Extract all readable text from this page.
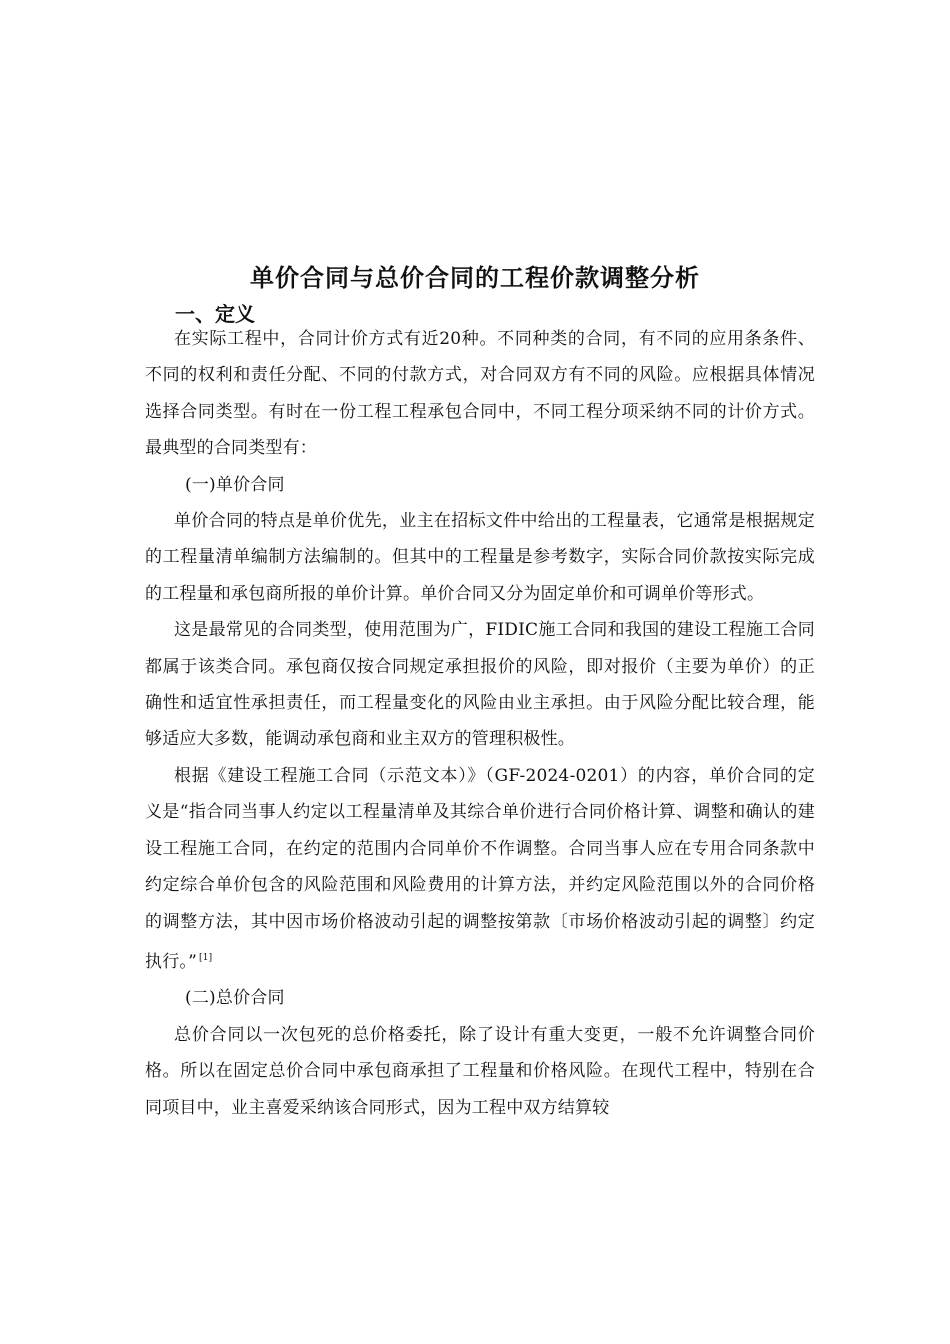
单价合同与总价合同的工程价款调整分析
一、定义

在实际工程中，合同计价方式有近20种。不同种类的合同，有不同的应用条条件、不同的权利和责任分配、不同的付款方式，对合同双方有不同的风险。应根据具体情况选择合同类型。有时在一份工程工程承包合同中，不同工程分项采纳不同的计价方式。最典型的合同类型有：

(一)单价合同

单价合同的特点是单价优先，业主在招标文件中给出的工程量表，它通常是根据规定的工程量清单编制方法编制的。但其中的工程量是参考数字，实际合同价款按实际完成的工程量和承包商所报的单价计算。单价合同又分为固定单价和可调单价等形式。

这是最常见的合同类型，使用范围为广，FIDIC施工合同和我国的建设工程施工合同都属于该类合同。承包商仅按合同规定承担报价的风险，即对报价（主要为单价）的正确性和适宜性承担责任，而工程量变化的风险由业主承担。由于风险分配比较合理，能够适应大多数，能调动承包商和业主双方的管理积极性。

根据《建设工程施工合同（示范文本）》（GF-2024-0201）的内容，单价合同的定义是“指合同当事人约定以工程量清单及其综合单价进行合同价格计算、调整和确认的建设工程施工合同，在约定的范围内合同单价不作调整。合同当事人应在专用合同条款中约定综合单价包含的风险范围和风险费用的计算方法，并约定风险范围以外的合同价格的调整方法，其中因市场价格波动引起的调整按第款〔市场价格波动引起的调整〕约定执行。” [1]

(二)总价合同

总价合同以一次包死的总价格委托，除了设计有重大变更，一般不允许调整合同价格。所以在固定总价合同中承包商承担了工程量和价格风险。在现代工程中，特别在合同项目中，业主喜爱采纳该合同形式，因为工程中双方结算较
